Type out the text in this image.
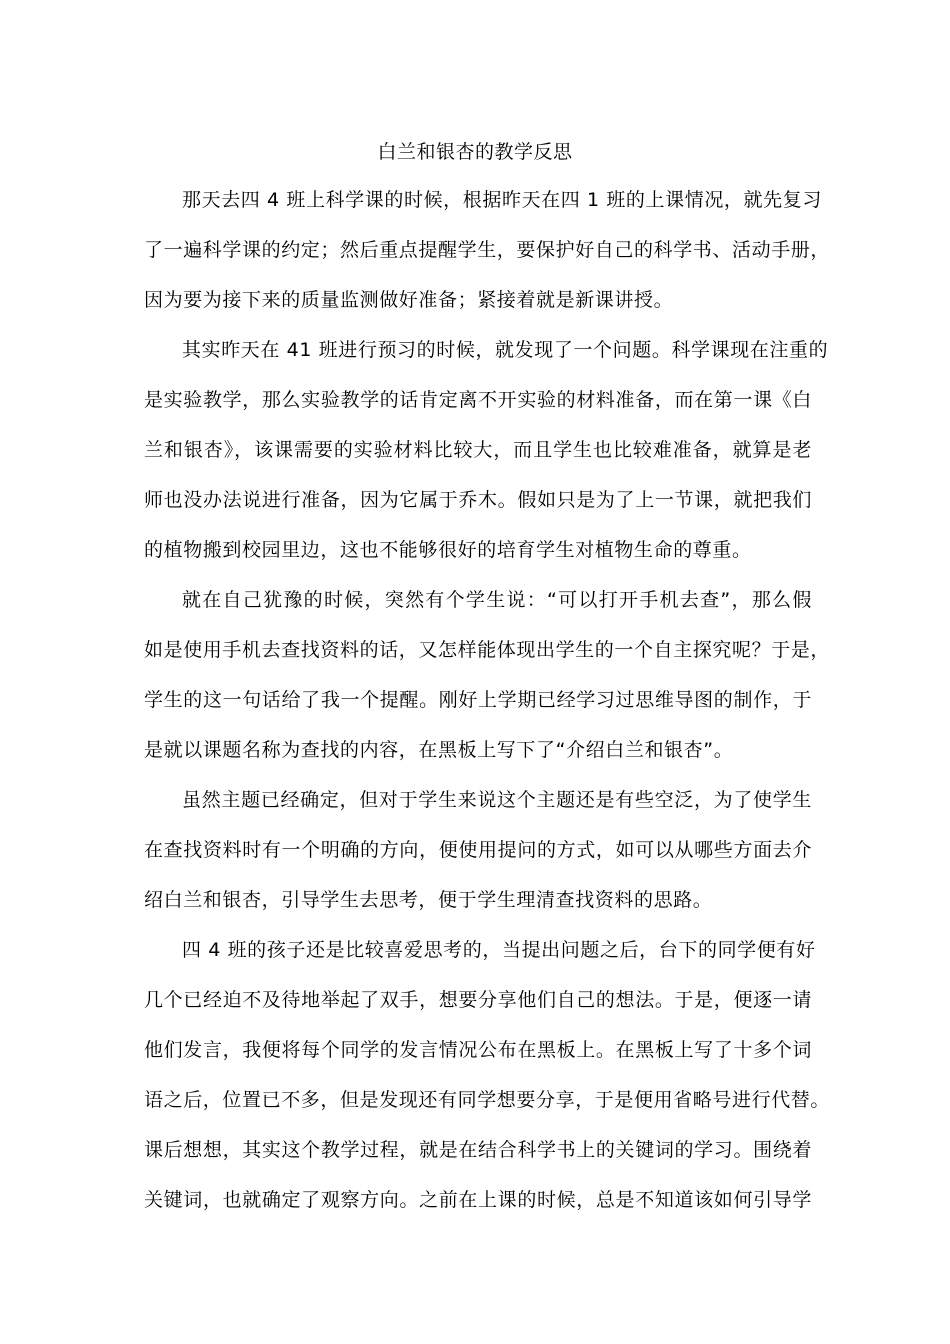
白兰和银杏的教学反思
那天去四 4 班上科学课的时候，根据昨天在四 1 班的上课情况，就先复习
了一遍科学课的约定；然后重点提醒学生，要保护好自己的科学书、活动手册，
因为要为接下来的质量监测做好准备；紧接着就是新课讲授。
其实昨天在 41 班进行预习的时候，就发现了一个问题。科学课现在注重的
是实验教学，那么实验教学的话肯定离不开实验的材料准备，而在第一课《白
兰和银杏》，该课需要的实验材料比较大，而且学生也比较难准备，就算是老
师也没办法说进行准备，因为它属于乔木。假如只是为了上一节课，就把我们
的植物搬到校园里边，这也不能够很好的培育学生对植物生命的尊重。
就在自己犹豫的时候，突然有个学生说：“可以打开手机去查”，那么假
如是使用手机去查找资料的话，又怎样能体现出学生的一个自主探究呢？于是，
学生的这一句话给了我一个提醒。刚好上学期已经学习过思维导图的制作，于
是就以课题名称为查找的内容，在黑板上写下了“介绍白兰和银杏”。
虽然主题已经确定，但对于学生来说这个主题还是有些空泛，为了使学生
在查找资料时有一个明确的方向，便使用提问的方式，如可以从哪些方面去介
绍白兰和银杏，引导学生去思考，便于学生理清查找资料的思路。
四 4 班的孩子还是比较喜爱思考的，当提出问题之后，台下的同学便有好
几个已经迫不及待地举起了双手，想要分享他们自己的想法。于是，便逐一请
他们发言，我便将每个同学的发言情况公布在黑板上。在黑板上写了十多个词
语之后，位置已不多，但是发现还有同学想要分享，于是便用省略号进行代替。
课后想想，其实这个教学过程，就是在结合科学书上的关键词的学习。围绕着
关键词，也就确定了观察方向。之前在上课的时候，总是不知道该如何引导学
